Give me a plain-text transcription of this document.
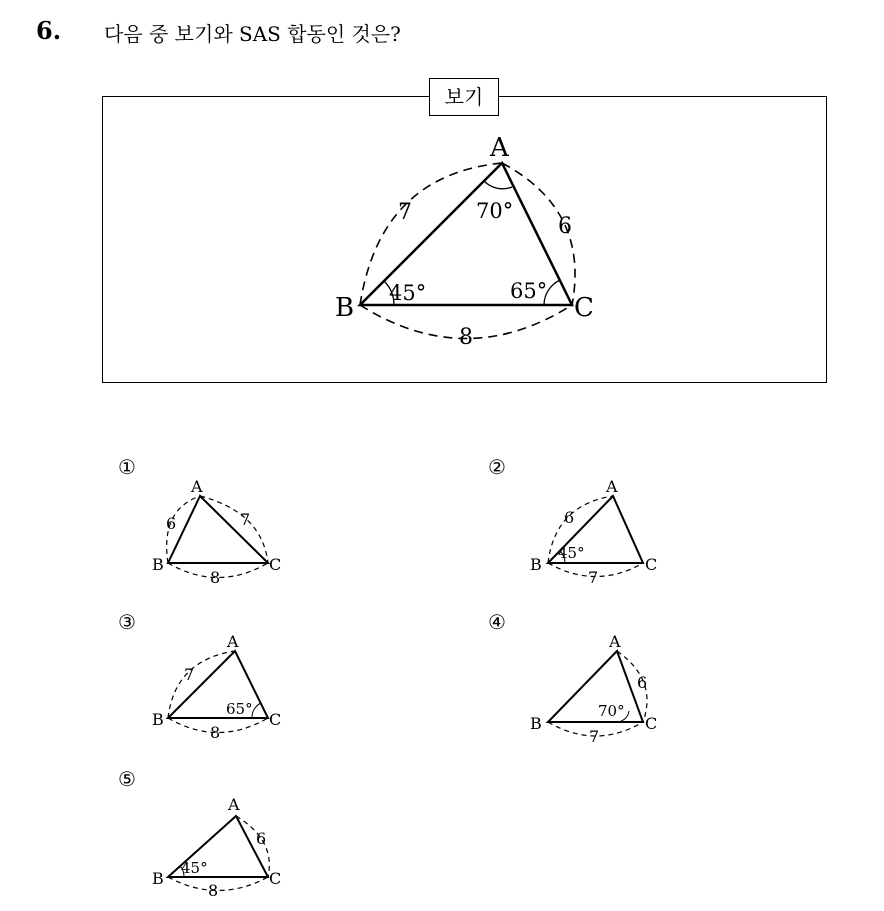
6. 다음 중 보기와 SAS 합동인 것은?
보기
A
B	C
7
6
8
70°
45°	65°
A
B	C
6	7
8
A
B	C
6
7
45°
A
B	C
7
8
65°
A
B	C
6
7
70°
A
B	C
6
8
45°
①	②
③	④
⑤
